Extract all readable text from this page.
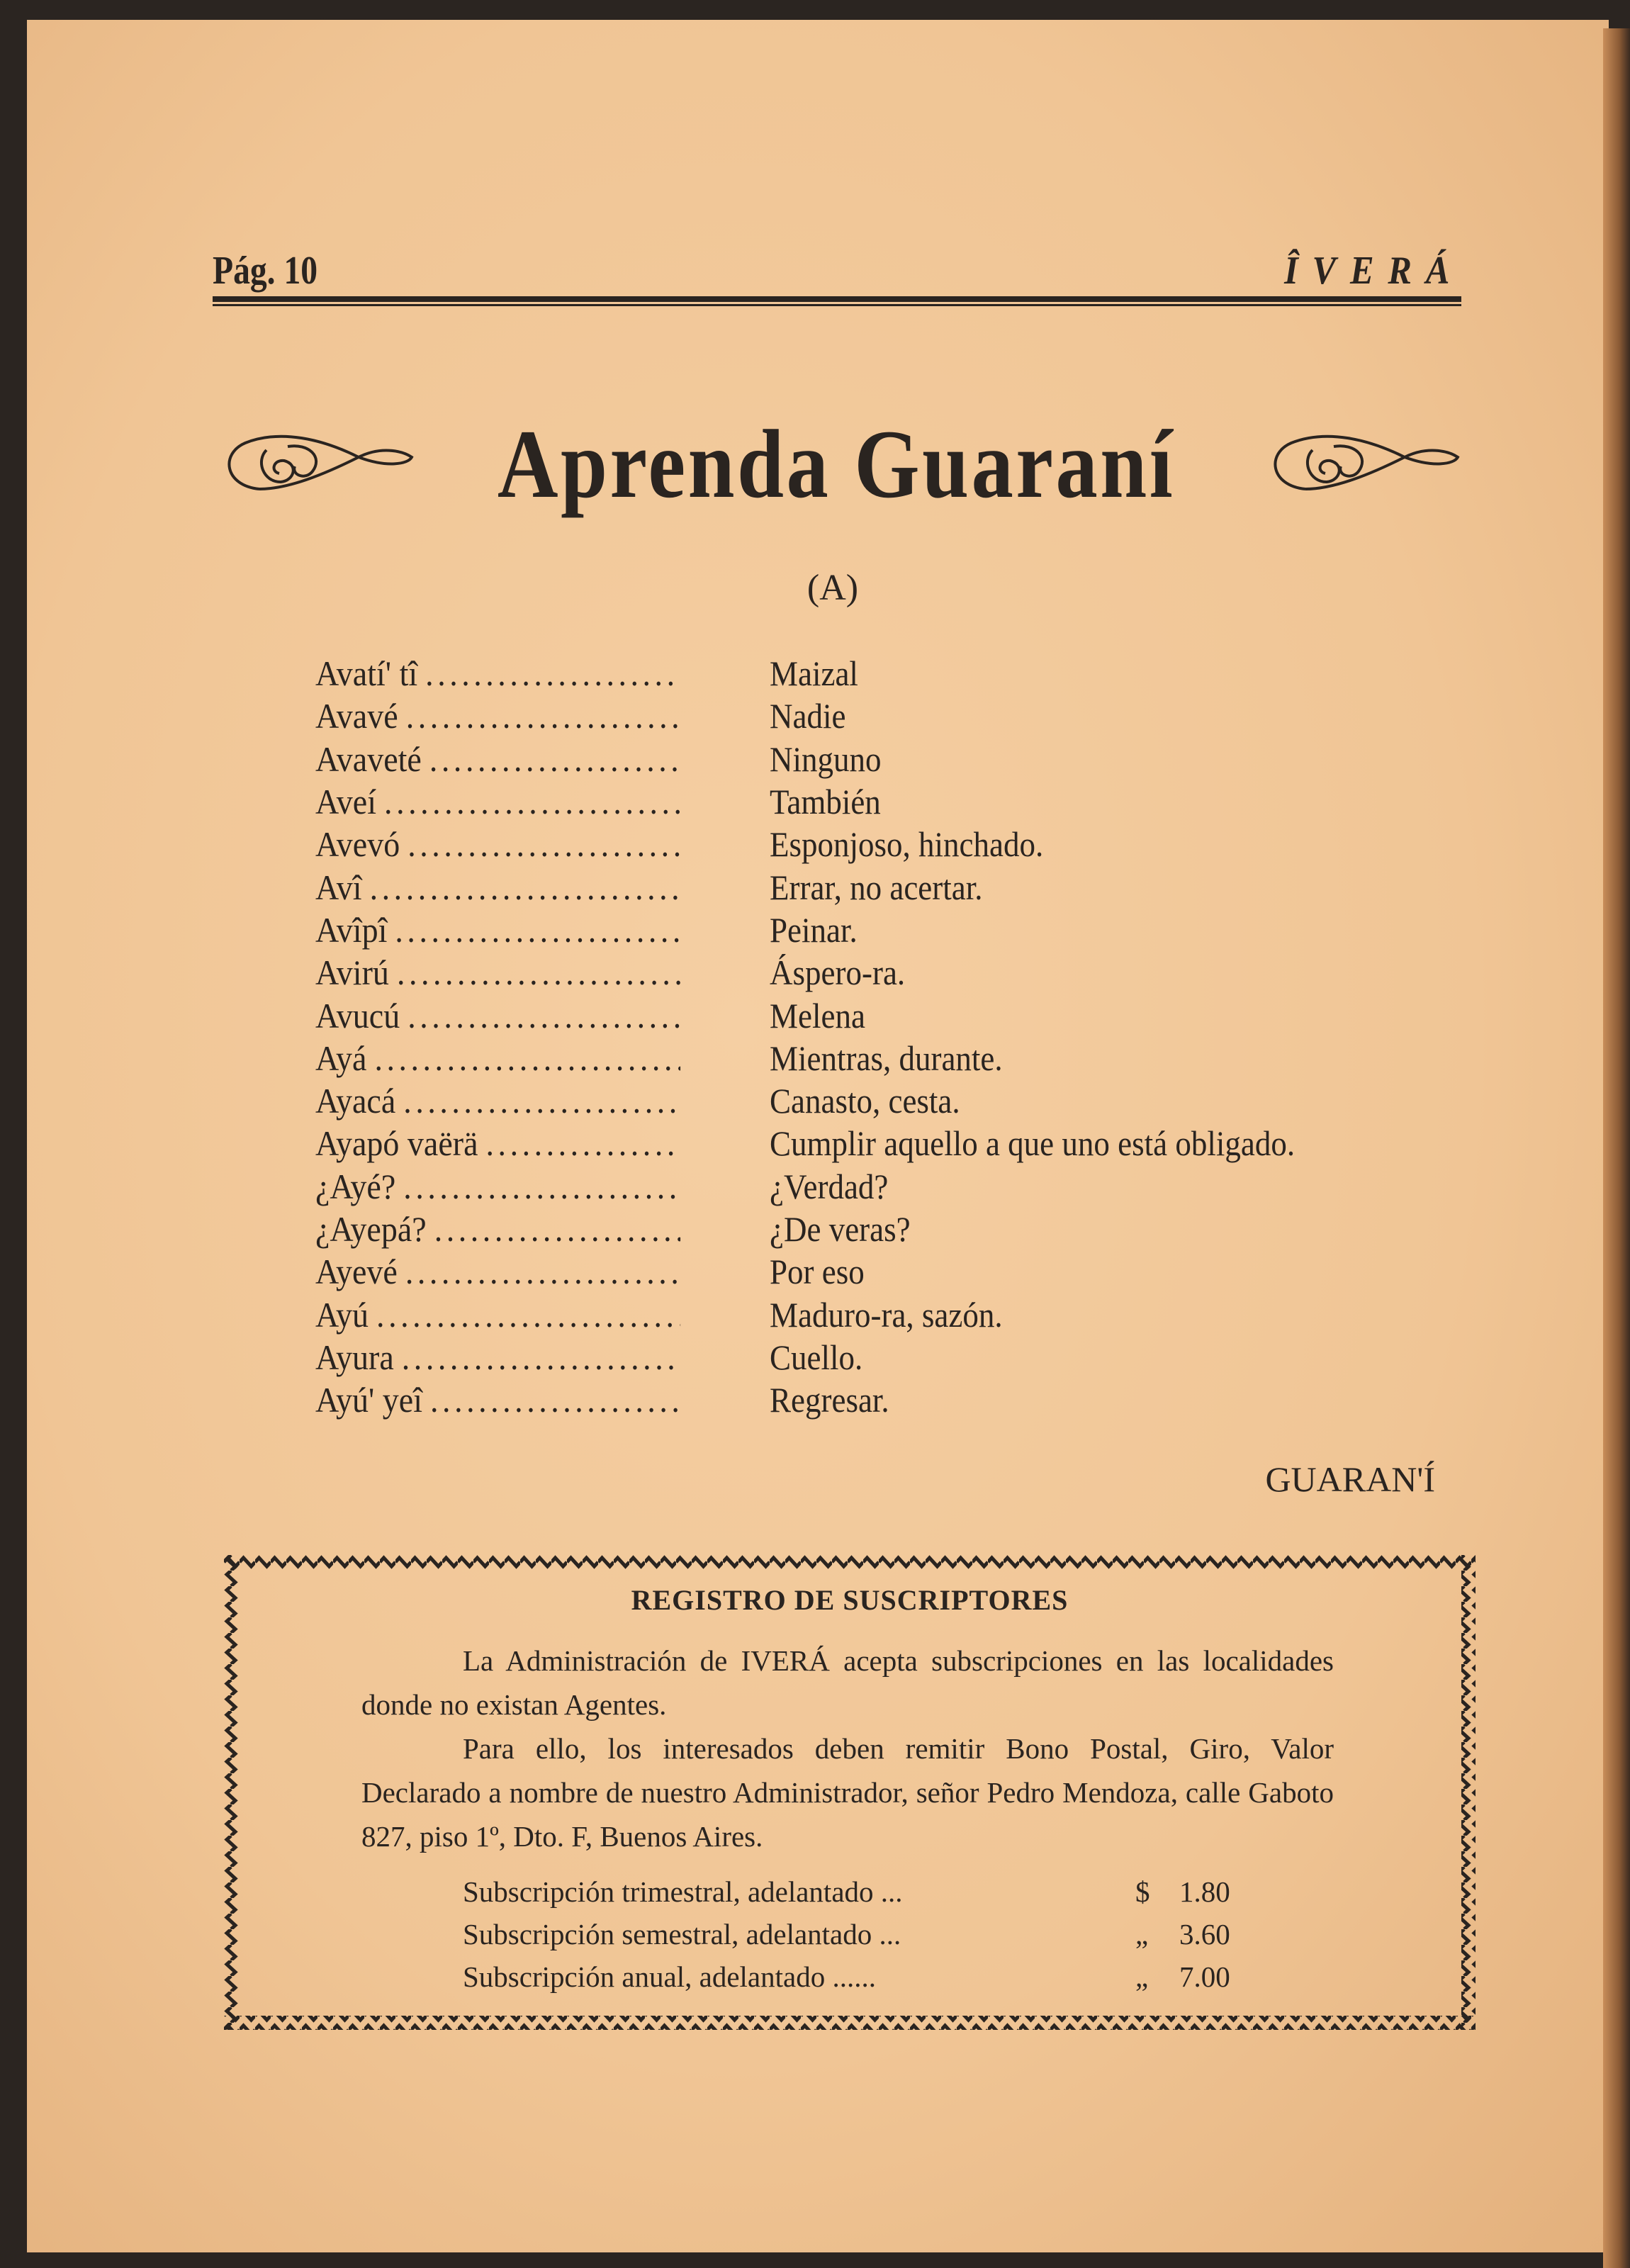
Pág. 10	ÎVERÁ
Aprenda Guaraní
(A)
Avatí' tî .....	Maizal
Avavé .....	Nadie
Avaveté .....	Ninguno
Aveí .....	También
Avevó .....	Esponjoso, hinchado.
Avî .....	Errar, no acertar.
Avîpî .....	Peinar.
Avirú .....	Áspero-ra.
Avucú .....	Melena
Ayá .....	Mientras, durante.
Ayacá .....	Canasto, cesta.
Ayapó vaërä .....	Cumplir aquello a que uno está obligado.
¿Ayé? .....	¿Verdad?
¿Ayepá? .....	¿De veras?
Ayevé .....	Por eso
Ayú .....	Maduro-ra, sazón.
Ayura .....	Cuello.
Ayú' yeî .....	Regresar.
GUARAN'Í
REGISTRO DE SUSCRIPTORES

La Administración de IVERÁ acepta subscripciones en las localidades donde no existan Agentes.

Para ello, los interesados deben remitir Bono Postal, Giro, Valor Declarado a nombre de nuestro Administrador, señor Pedro Mendoza, calle Gaboto 827, piso 1º, Dto. F, Buenos Aires.

Subscripción trimestral, adelantado ...	$	1.80
Subscripción semestral, adelantado ...	„	3.60
Subscripción anual, adelantado ......	„	7.00
